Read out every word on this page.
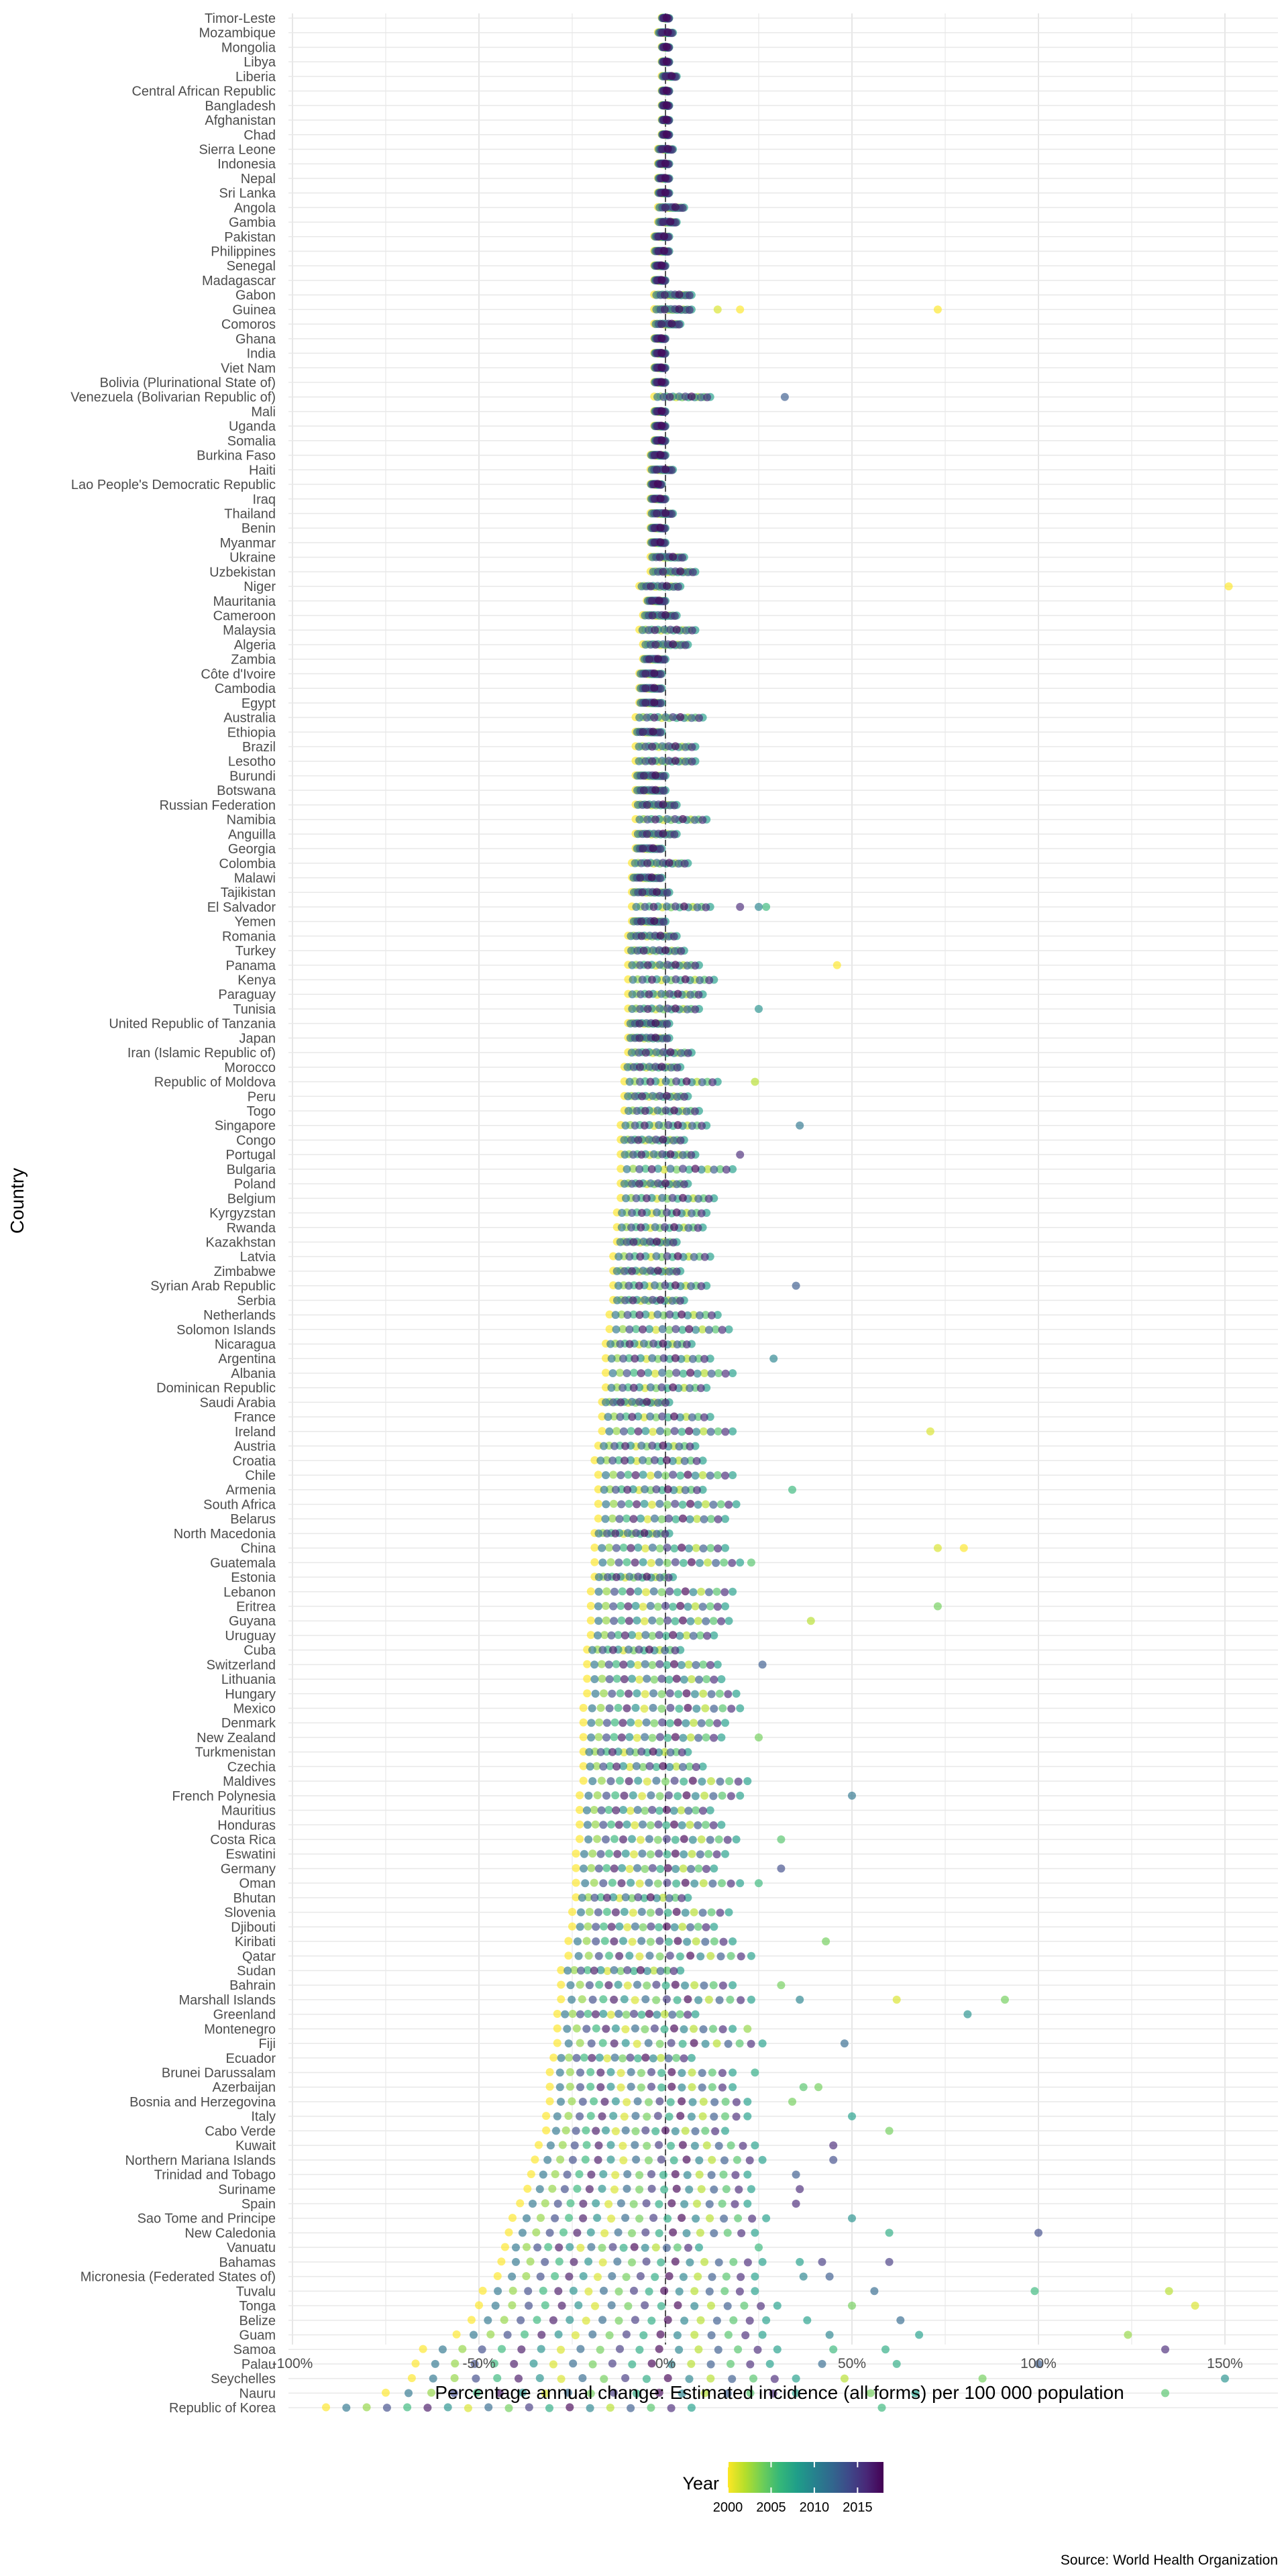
Timor-Leste
Mozambique
Mongolia
Libya
Liberia
Central African Republic
Bangladesh
Afghanistan
Chad
Sierra Leone
Indonesia
Nepal
Sri Lanka
Angola
Gambia
Pakistan
Philippines
Senegal
Madagascar
Gabon
Guinea
Comoros
Ghana
India
Viet Nam
Bolivia (Plurinational State of)
Venezuela (Bolivarian Republic of)
Mali
Uganda
Somalia
Burkina Faso
Haiti
Lao People's Democratic Republic
Iraq
Thailand
Benin
Myanmar
Ukraine
Uzbekistan
Niger
Mauritania
Cameroon
Malaysia
Algeria
Zambia
Côte d'Ivoire
Cambodia
Egypt
Australia
Ethiopia
Brazil
Lesotho
Burundi
Botswana
Russian Federation
Namibia
Anguilla
Georgia
Colombia
Malawi
Tajikistan
El Salvador
Yemen
Romania
Turkey
Panama
Kenya
Paraguay
Tunisia
United Republic of Tanzania
Japan
Iran (Islamic Republic of)
Morocco
Republic of Moldova
Peru
Togo
Singapore
Congo
Portugal
Bulgaria
Poland
Belgium
Kyrgyzstan
Rwanda
Kazakhstan
Latvia
Zimbabwe
Syrian Arab Republic
Serbia
Netherlands
Solomon Islands
Nicaragua
Argentina
Albania
Dominican Republic
Saudi Arabia
France
Ireland
Austria
Croatia
Chile
Armenia
South Africa
Belarus
North Macedonia
China
Guatemala
Estonia
Lebanon
Eritrea
Guyana
Uruguay
Cuba
Switzerland
Lithuania
Hungary
Mexico
Denmark
New Zealand
Turkmenistan
Czechia
Maldives
French Polynesia
Mauritius
Honduras
Costa Rica
Eswatini
Germany
Oman
Bhutan
Slovenia
Djibouti
Kiribati
Qatar
Sudan
Bahrain
Marshall Islands
Greenland
Montenegro
Fiji
Ecuador
Brunei Darussalam
Azerbaijan
Bosnia and Herzegovina
Italy
Cabo Verde
Kuwait
Northern Mariana Islands
Trinidad and Tobago
Suriname
Spain
Sao Tome and Principe
New Caledonia
Vanuatu
Bahamas
Micronesia (Federated States of)
Tuvalu
Tonga
Belize
Guam
Samoa
Palau
Seychelles
Nauru
Republic of Korea
-100%	-50%	0%	50%	100%	150%
Percentage annual change: Estimated incidence (all forms) per 100 000 population
Country
Year
2000 2005 2010 2015
Source: World Health Organization
